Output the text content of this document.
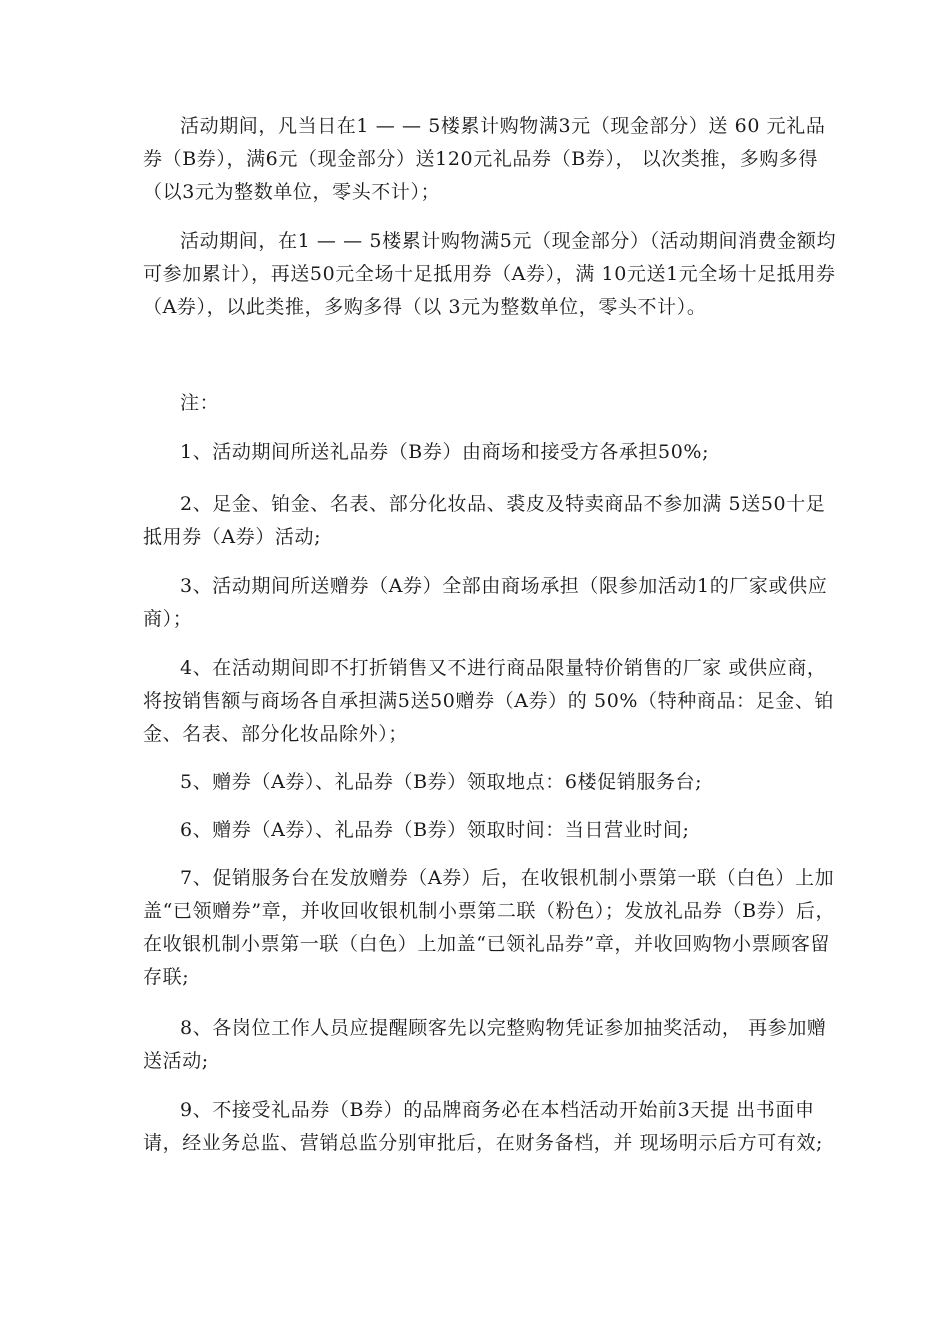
活动期间，凡当日在1 — — 5楼累计购物满3元（现金部分）送 60 元礼品券（B券），满6元（现金部分）送120元礼品券（B券）， 以次类推，多购多得（以3元为整数单位，零头不计）；

活动期间，在1 — — 5楼累计购物满5元（现金部分）（活动期间消费金额均可参加累计），再送50元全场十足抵用券（A券），满 10元送1元全场十足抵用券（A券），以此类推，多购多得（以 3元为整数单位，零头不计）。

注：

1、活动期间所送礼品券（B券）由商场和接受方各承担50%;

2、足金、铂金、名表、部分化妆品、裘皮及特卖商品不参加满 5送50十足抵用券（A券）活动;

3、活动期间所送赠券（A券）全部由商场承担（限参加活动1的厂家或供应商）；

4、在活动期间即不打折销售又不进行商品限量特价销售的厂家 或供应商，将按销售额与商场各自承担满5送50赠券（A券）的 50%（特种商品：足金、铂金、名表、部分化妆品除外）；

5、赠券（A券）、礼品券（B券）领取地点：6楼促销服务台;

6、赠券（A券）、礼品券（B券）领取时间：当日营业时间;

7、促销服务台在发放赠券（A券）后，在收银机制小票第一联（白色）上加盖“已领赠券”章，并收回收银机制小票第二联（粉色）；发放礼品券（B券）后，在收银机制小票第一联（白色）上加盖“已领礼品券”章，并收回购物小票顾客留存联;

8、各岗位工作人员应提醒顾客先以完整购物凭证参加抽奖活动， 再参加赠送活动;

9、不接受礼品券（B券）的品牌商务必在本档活动开始前3天提 出书面申请，经业务总监、营销总监分别审批后，在财务备档，并 现场明示后方可有效;
